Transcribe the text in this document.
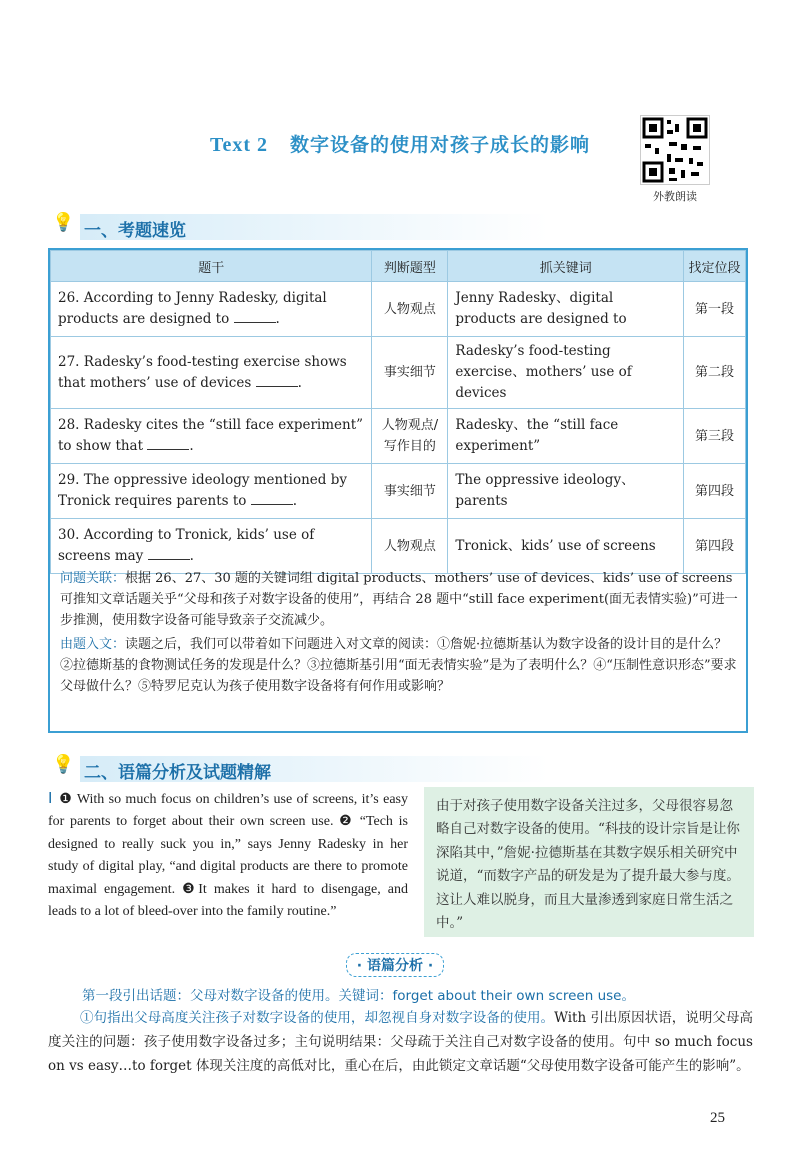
Text 2 数字设备的使用对孩子成长的影响
外教朗读
💡 一、考题速览
题干	判断题型	抓关键词	找定位段
26. According to Jenny Radesky, digital products are designed to .	人物观点	Jenny Radesky、digital products are designed to	第一段
27. Radesky’s food-testing exercise shows that mothers’ use of devices .	事实细节	Radesky’s food-testing exercise、mothers’ use of devices	第二段
28. Radesky cites the “still face experiment” to show that .	人物观点/写作目的	Radesky、the “still face experiment”	第三段
29. The oppressive ideology mentioned by Tronick requires parents to .	事实细节	The oppressive ideology、parents	第四段
30. According to Tronick, kids’ use of screens may .	人物观点	Tronick、kids’ use of screens	第四段
问题关联：根据 26、27、30 题的关键词组 digital products、mothers’ use of devices、kids’ use of screens 可推知文章话题关乎“父母和孩子对数字设备的使用”，再结合 28 题中“still face experiment(面无表情实验)”可进一步推测，使用数字设备可能导致亲子交流减少。
由题入文：读题之后，我们可以带着如下问题进入对文章的阅读：①詹妮·拉德斯基认为数字设备的设计目的是什么？②拉德斯基的食物测试任务的发现是什么？③拉德斯基引用“面无表情实验”是为了表明什么？④“压制性意识形态”要求父母做什么？⑤特罗尼克认为孩子使用数字设备将有何作用或影响？
💡 二、语篇分析及试题精解
Ⅰ ❶ With so much focus on children’s use of screens, it’s easy for parents to forget about their own screen use. ❷ “Tech is designed to really suck you in,” says Jenny Radesky in her study of digital play, “and digital products are there to promote maximal engagement. ❸It makes it hard to disengage, and leads to a lot of bleed-over into the family routine.”
由于对孩子使用数字设备关注过多，父母很容易忽略自己对数字设备的使用。“科技的设计宗旨是让你深陷其中，”詹妮·拉德斯基在其数字娱乐相关研究中说道，“而数字产品的研发是为了提升最大参与度。这让人难以脱身，而且大量渗透到家庭日常生活之中。”
· 语篇分析 ·
第一段引出话题：父母对数字设备的使用。关键词：forget about their own screen use。
①句指出父母高度关注孩子对数字设备的使用，却忽视自身对数字设备的使用。With 引出原因状语，说明父母高度关注的问题：孩子使用数字设备过多；主句说明结果：父母疏于关注自己对数字设备的使用。句中 so much focus on vs easy…to forget 体现关注度的高低对比，重心在后，由此锁定文章话题“父母使用数字设备可能产生的影响”。
25
